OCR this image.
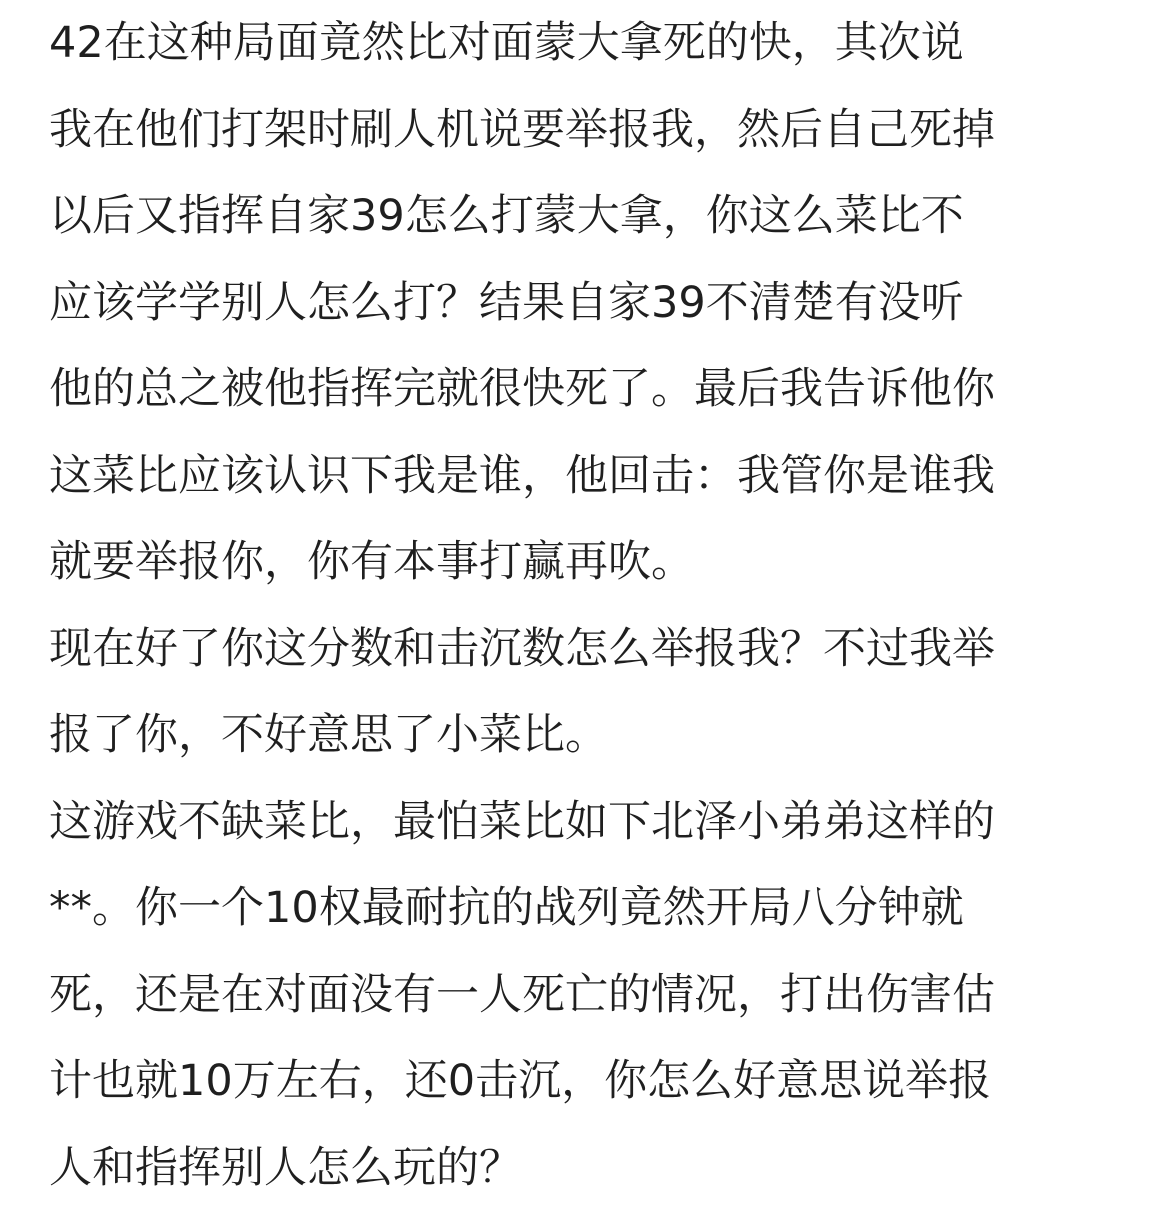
42在这种局面竟然比对面蒙大拿死的快，其次说
我在他们打架时刷人机说要举报我，然后自己死掉
以后又指挥自家39怎么打蒙大拿，你这么菜比不
应该学学别人怎么打？结果自家39不清楚有没听
他的总之被他指挥完就很快死了。最后我告诉他你
这菜比应该认识下我是谁，他回击：我管你是谁我
就要举报你，你有本事打赢再吹。
现在好了你这分数和击沉数怎么举报我？不过我举
报了你，不好意思了小菜比。
这游戏不缺菜比，最怕菜比如下北泽小弟弟这样的
**。你一个10权最耐抗的战列竟然开局八分钟就
死，还是在对面没有一人死亡的情况，打出伤害估
计也就10万左右，还0击沉，你怎么好意思说举报
人和指挥别人怎么玩的？
